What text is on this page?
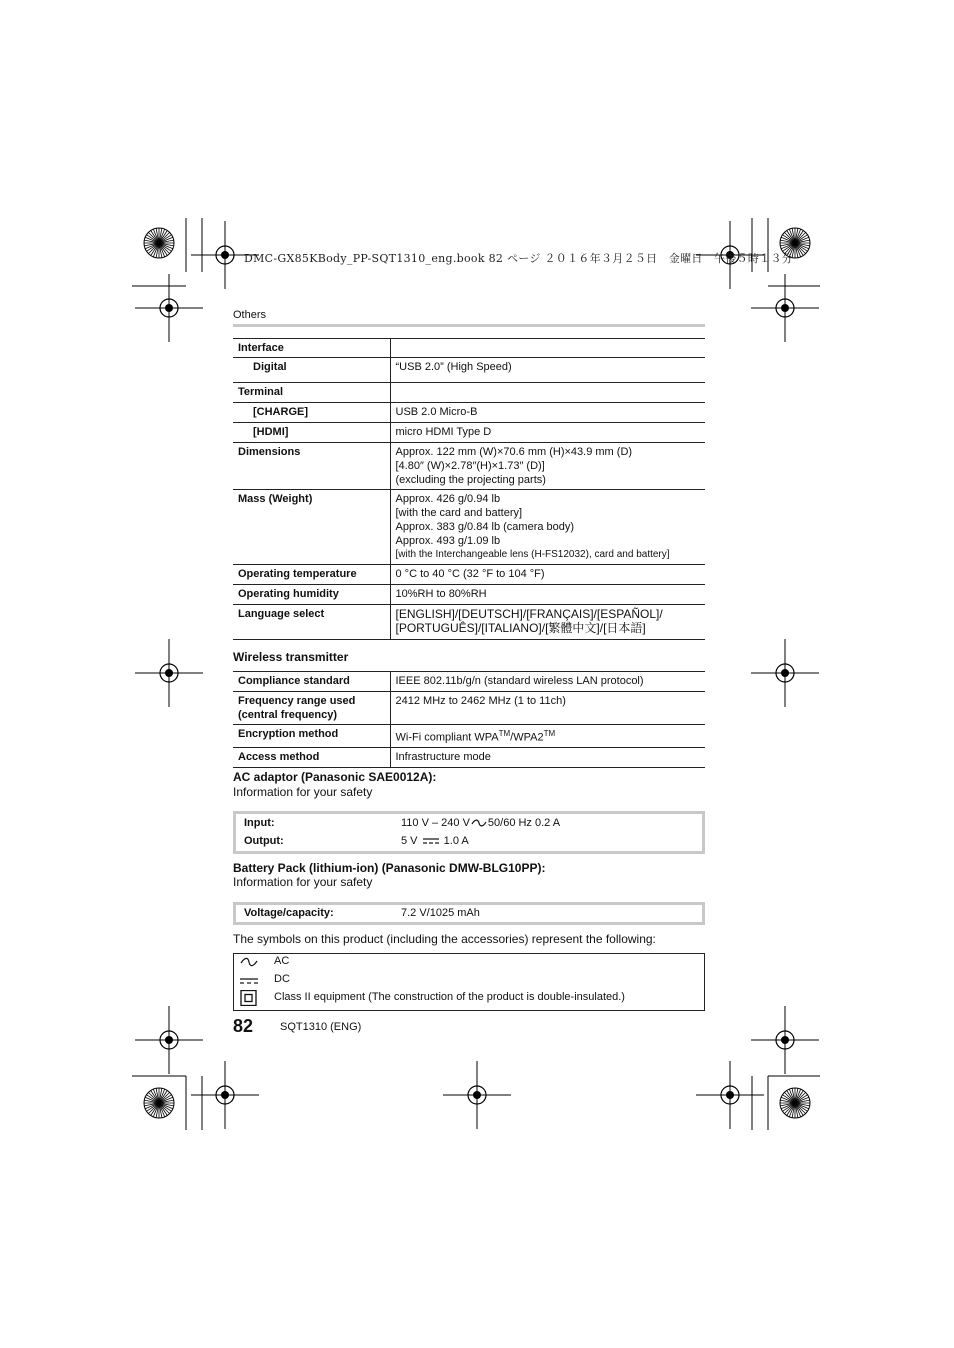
DMC-GX85KBody_PP-SQT1310_eng.book 82 ページ ２０１６年３月２５日　金曜日　午後５時１３分
Others
Interface	
Digital	“USB 2.0” (High Speed)
Terminal	
[CHARGE]	USB 2.0 Micro-B
[HDMI]	micro HDMI Type D
Dimensions	Approx. 122 mm (W)×70.6 mm (H)×43.9 mm (D)
[4.80″ (W)×2.78″(H)×1.73″ (D)]
(excluding the projecting parts)

Mass (Weight)	Approx. 426 g/0.94 lb
[with the card and battery]
Approx. 383 g/0.84 lb (camera body)
Approx. 493 g/1.09 lb
[with the Interchangeable lens (H-FS12032), card and battery]

Operating temperature	0 °C to 40 °C (32 °F to 104 °F)
Operating humidity	10%RH to 80%RH
Language select	[ENGLISH]/[DEUTSCH]/[FRANÇAIS]/[ESPAÑOL]/
[PORTUGUÊS]/[ITALIANO]/[繁體中文]/[日本語]
Wireless transmitter
Compliance standard	IEEE 802.11b/g/n (standard wireless LAN protocol)

Frequency range used
(central frequency)	2412 MHz to 2462 MHz (1 to 11ch)
Encryption method	Wi-Fi compliant WPA™/WPA2™
Access method	Infrastructure mode
AC adaptor (Panasonic SAE0012A):
Information for your safety
Input:	110 V – 240 V 50/60 Hz 0.2 A
Output:	5 V 1.0 A
Battery Pack (lithium-ion) (Panasonic DMW-BLG10PP):
Information for your safety
Voltage/capacity:	7.2 V/1025 mAh
The symbols on this product (including the accessories) represent the following:
AC
DC
Class II equipment (The construction of the product is double-insulated.)
82 SQT1310 (ENG)
